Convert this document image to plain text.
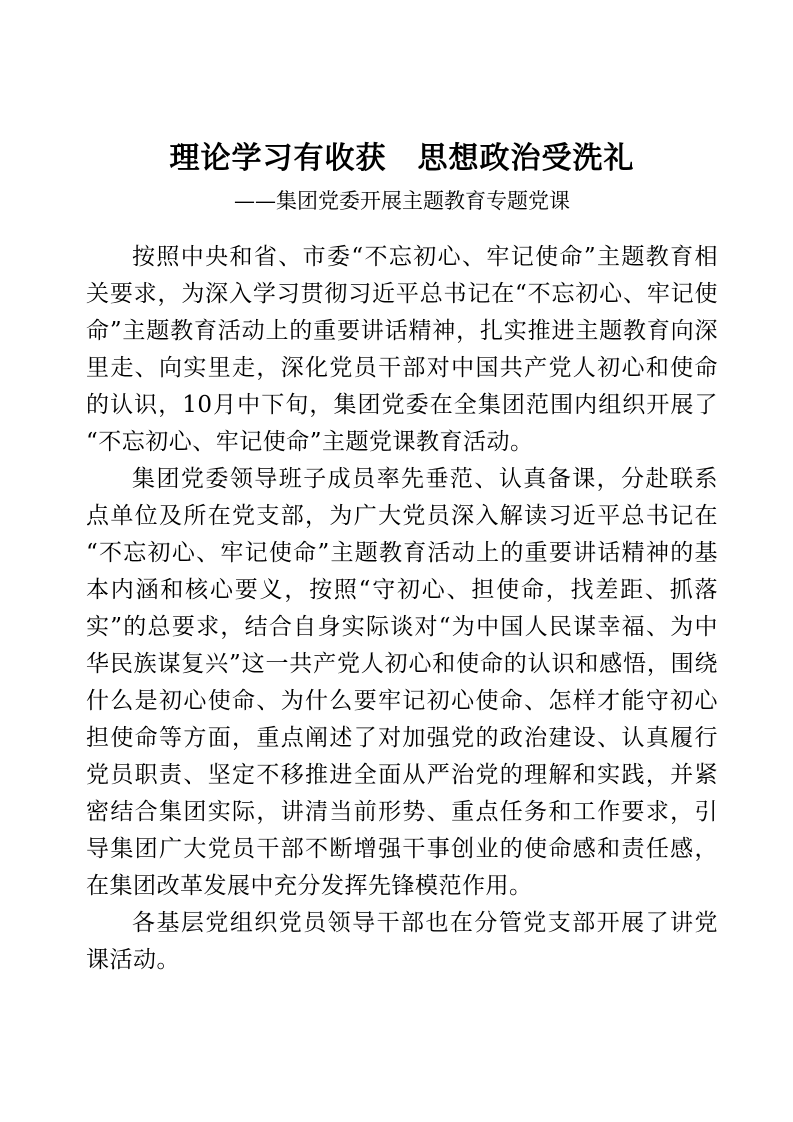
理论学习有收获　思想政治受洗礼
——集团党委开展主题教育专题党课

按照中央和省、市委“不忘初心、牢记使命”主题教育相关要求，为深入学习贯彻习近平总书记在“不忘初心、牢记使命”主题教育活动上的重要讲话精神，扎实推进主题教育向深里走、向实里走，深化党员干部对中国共产党人初心和使命的认识，10月中下旬，集团党委在全集团范围内组织开展了“不忘初心、牢记使命”主题党课教育活动。

集团党委领导班子成员率先垂范、认真备课，分赴联系点单位及所在党支部，为广大党员深入解读习近平总书记在“不忘初心、牢记使命”主题教育活动上的重要讲话精神的基本内涵和核心要义，按照“守初心、担使命，找差距、抓落实”的总要求，结合自身实际谈对“为中国人民谋幸福、为中华民族谋复兴”这一共产党人初心和使命的认识和感悟，围绕什么是初心使命、为什么要牢记初心使命、怎样才能守初心担使命等方面，重点阐述了对加强党的政治建设、认真履行党员职责、坚定不移推进全面从严治党的理解和实践，并紧密结合集团实际，讲清当前形势、重点任务和工作要求，引导集团广大党员干部不断增强干事创业的使命感和责任感，在集团改革发展中充分发挥先锋模范作用。

各基层党组织党员领导干部也在分管党支部开展了讲党课活动。
